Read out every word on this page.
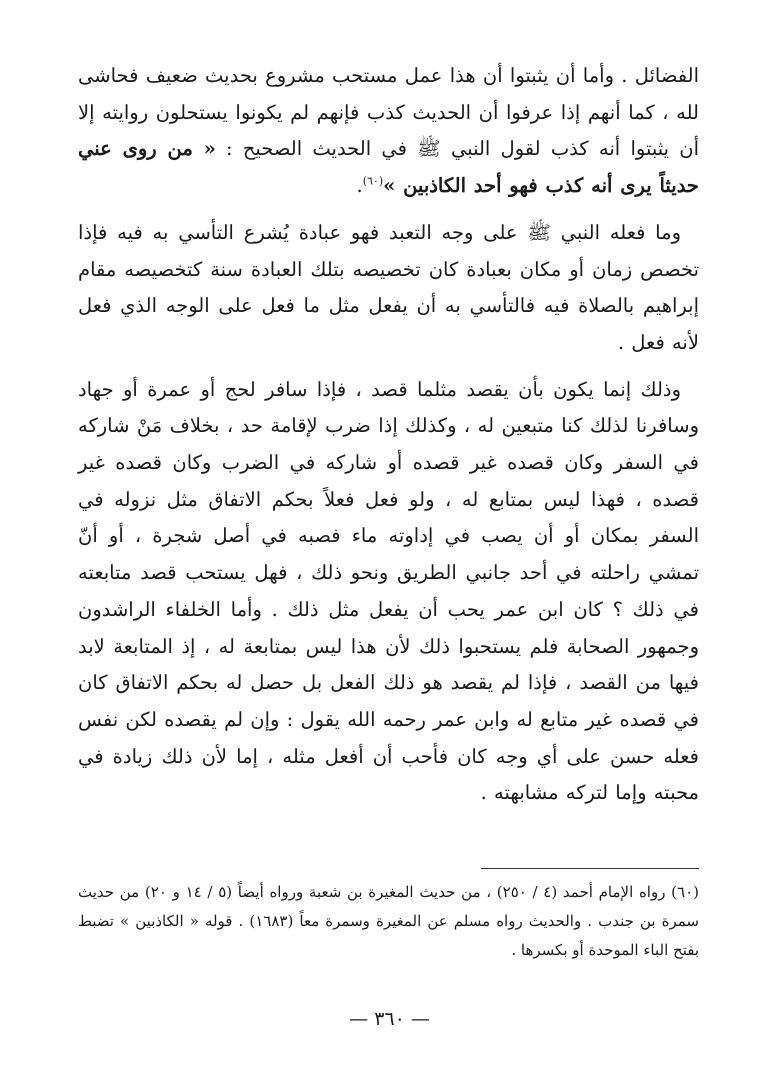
الفضائل . وأما أن يثبتوا أن هذا عمل مستحب مشروع بحديث ضعيف فحاشى لله ، كما أنهم إذا عرفوا أن الحديث كذب فإنهم لم يكونوا يستحلون روايته إلا أن يثبتوا أنه كذب لقول النبي ﷺ في الحديث الصحيح : « من روى عني حديثاً يرى أنه كذب فهو أحد الكاذبين »$^{(٦٠)}$.

وما فعله النبي ﷺ على وجه التعبد فهو عبادة يُشرع التأسي به فيه فإذا تخصص زمان أو مكان بعبادة كان تخصيصه بتلك العبادة سنة كتخصيصه مقام إبراهيم بالصلاة فيه فالتأسي به أن يفعل مثل ما فعل على الوجه الذي فعل لأنه فعل .

وذلك إنما يكون بأن يقصد مثلما قصد ، فإذا سافر لحج أو عمرة أو جهاد وسافرنا لذلك كنا متبعين له ، وكذلك إذا ضرب لإقامة حد ، بخلاف مَنْ شاركه في السفر وكان قصده غير قصده أو شاركه في الضرب وكان قصده غير قصده ، فهذا ليس بمتابع له ، ولو فعل فعلاً بحكم الاتفاق مثل نزوله في السفر بمكان أو أن يصب في إداوته ماء فصبه في أصل شجرة ، أو أنّ تمشي راحلته في أحد جانبي الطريق ونحو ذلك ، فهل يستحب قصد متابعته في ذلك ؟ كان ابن عمر يحب أن يفعل مثل ذلك . وأما الخلفاء الراشدون وجمهور الصحابة فلم يستحبوا ذلك لأن هذا ليس بمتابعة له ، إذ المتابعة لابد فيها من القصد ، فإذا لم يقصد هو ذلك الفعل بل حصل له بحكم الاتفاق كان في قصده غير متابع له وابن عمر رحمه الله يقول : وإن لم يقصده لكن نفس فعله حسن على أي وجه كان فأحب أن أفعل مثله ، إما لأن ذلك زيادة في محبته وإما لتركه مشابهته .

(٦٠) رواه الإمام أحمد (٤ / ٢٥٠) ، من حديث المغيرة بن شعبة ورواه أيضاً (٥ / ١٤ و ٢٠) من حديث سمرة بن جندب . والحديث رواه مسلم عن المغيرة وسمرة معاً (١٦٨٣) . قوله « الكاذبين » تضبط بفتح الباء الموحدة أو بكسرها .

— ٣٦٠ —
